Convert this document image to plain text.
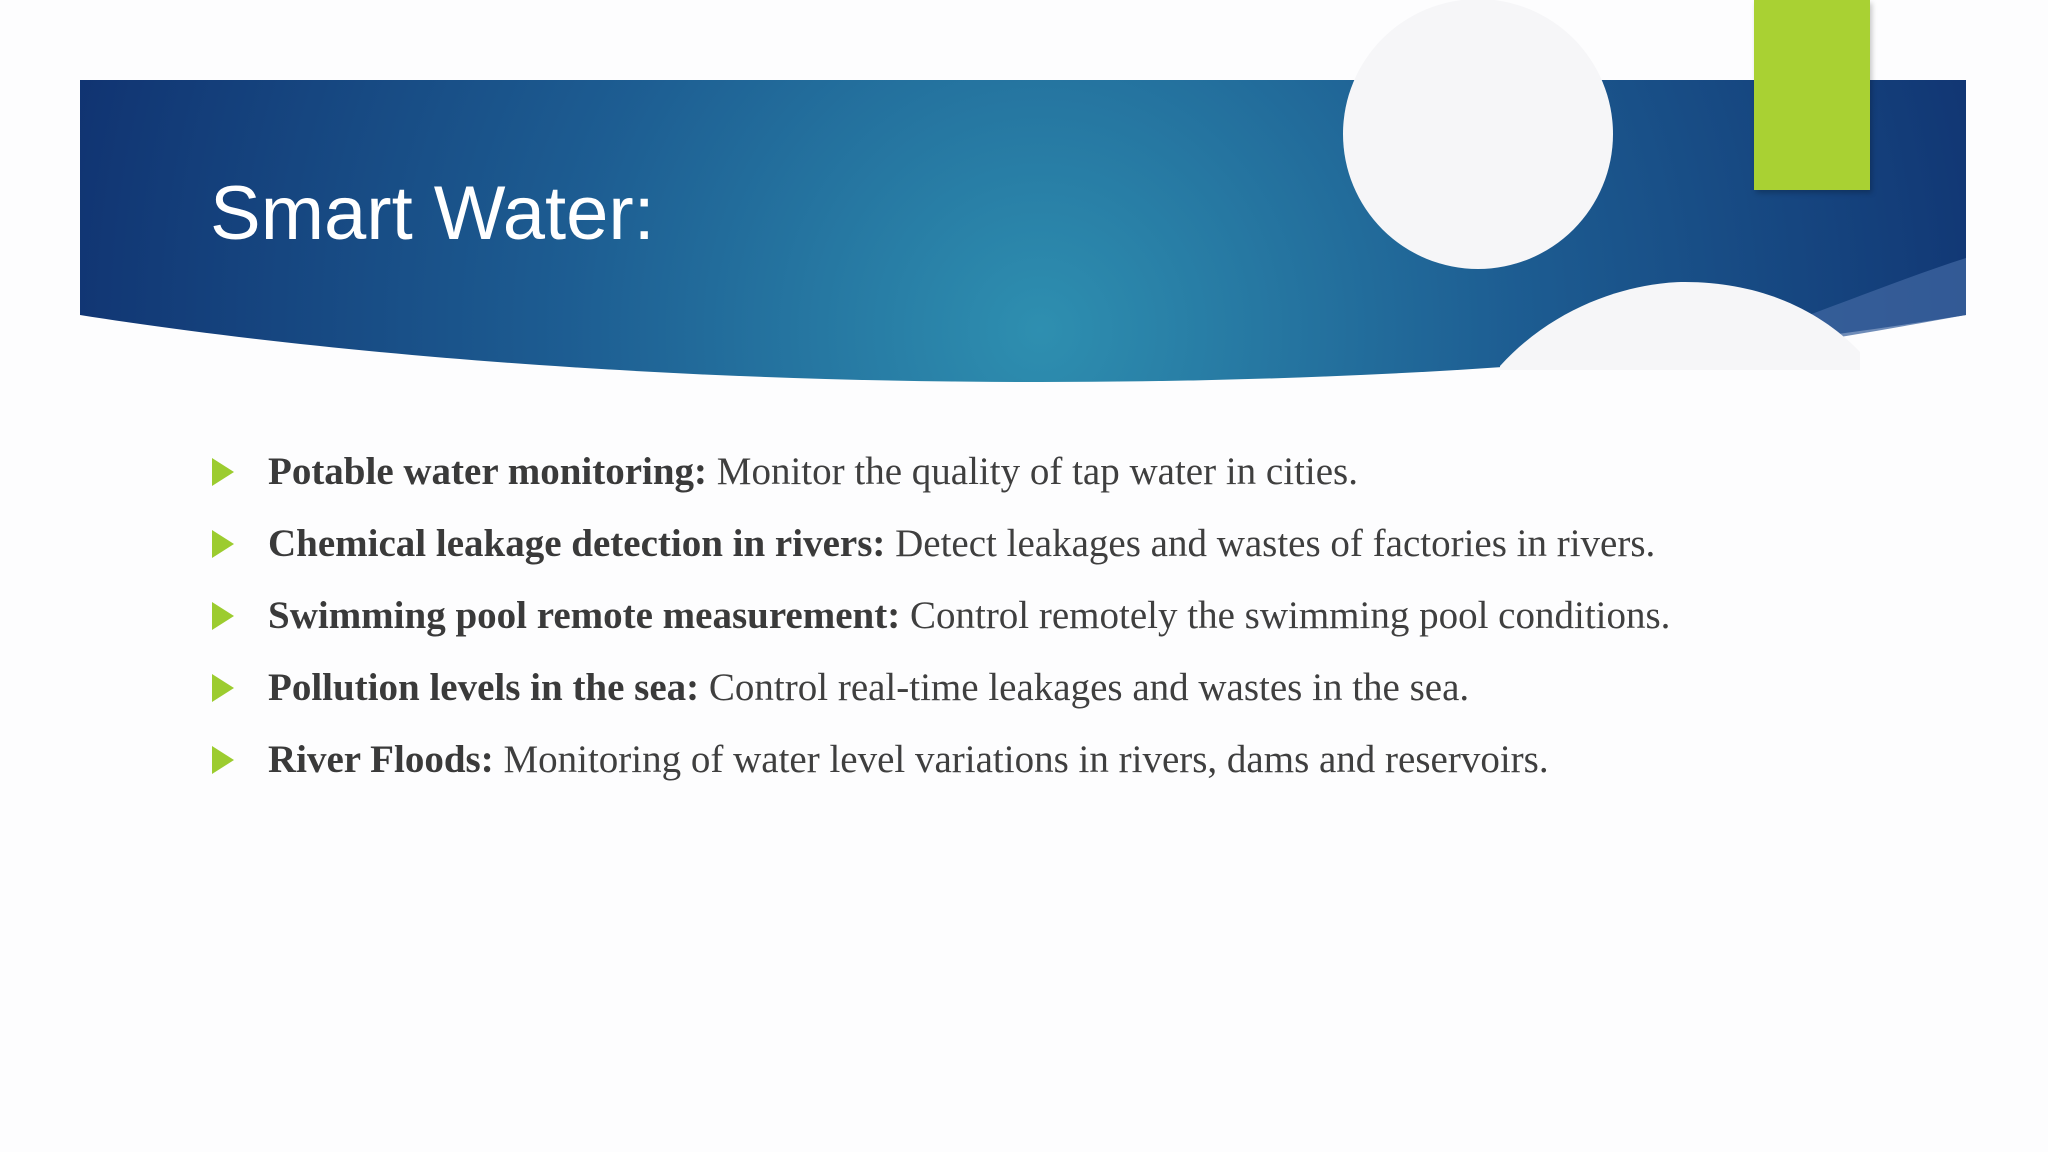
Smart Water:
Potable water monitoring: Monitor the quality of tap water in cities.
Chemical leakage detection in rivers: Detect leakages and wastes of factories in rivers.
Swimming pool remote measurement: Control remotely the swimming pool conditions.
Pollution levels in the sea: Control real-time leakages and wastes in the sea.
River Floods: Monitoring of water level variations in rivers, dams and reservoirs.
